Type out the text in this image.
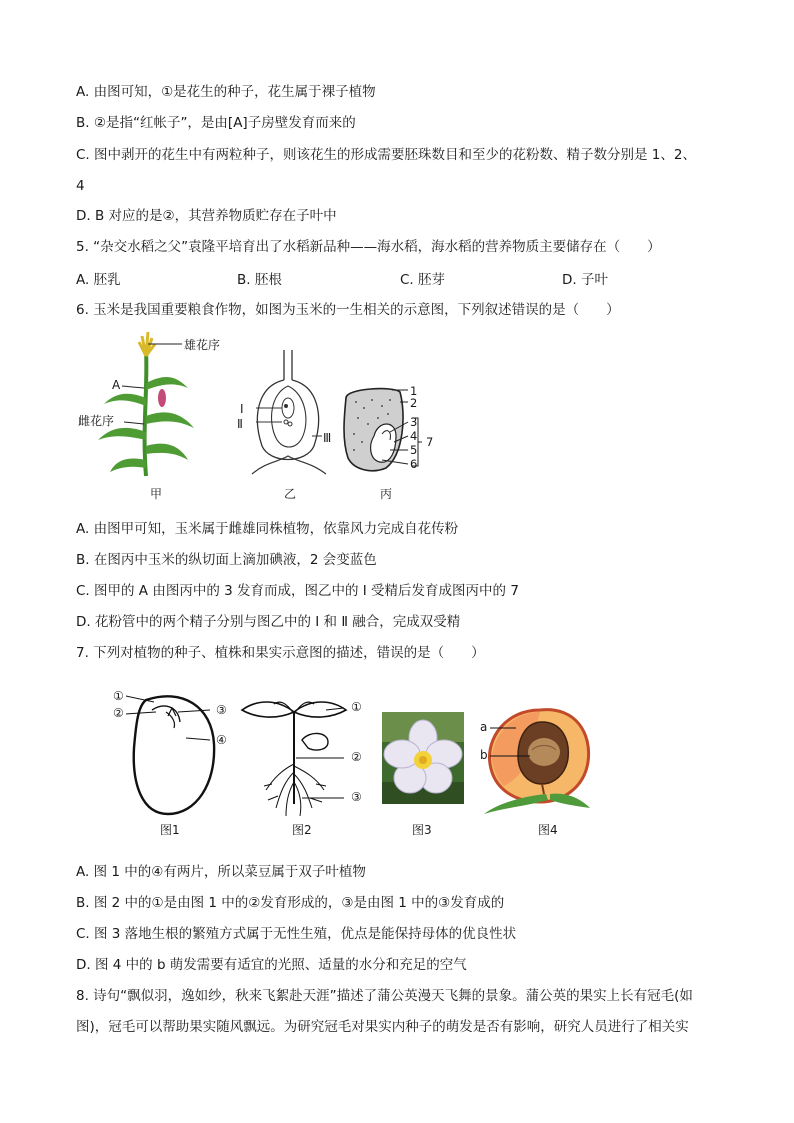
A. 由图可知，①是花生的种子，花生属于裸子植物
B. ②是指“红帐子”，是由[A]子房壁发育而来的
C. 图中剥开的花生中有两粒种子，则该花生的形成需要胚珠数目和至少的花粉数、精子数分别是 1、2、
4
D. B 对应的是②，其营养物质贮存在子叶中
5. “杂交水稻之父”袁隆平培育出了水稻新品种——海水稻，海水稻的营养物质主要储存在（　　）
A. 胚乳	B. 胚根	C. 胚芽	D. 子叶
6. 玉米是我国重要粮食作物，如图为玉米的一生相关的示意图，下列叙述错误的是（　　）
雄花序
A
雌花序
甲
Ⅰ
Ⅱ
Ⅲ
乙
1
2
3
4
5
6
7
丙
A. 由图甲可知，玉米属于雌雄同株植物，依靠风力完成自花传粉
B. 在图丙中玉米的纵切面上滴加碘液，2 会变蓝色
C. 图甲的 A 由图丙中的 3 发育而成，图乙中的 Ⅰ 受精后发育成图丙中的 7
D. 花粉管中的两个精子分别与图乙中的 Ⅰ 和 Ⅱ 融合，完成双受精
7. 下列对植物的种子、植株和果实示意图的描述，错误的是（　　）
①
②	③
④
图1
①
②
③
图2	图3
a
b
图4
A. 图 1 中的④有两片，所以菜豆属于双子叶植物
B. 图 2 中的①是由图 1 中的②发育形成的，③是由图 1 中的③发育成的
C. 图 3 落地生根的繁殖方式属于无性生殖，优点是能保持母体的优良性状
D. 图 4 中的 b 萌发需要有适宜的光照、适量的水分和充足的空气
8. 诗句“飘似羽，逸如纱，秋来飞絮赴天涯”描述了蒲公英漫天飞舞的景象。蒲公英的果实上长有冠毛(如
图)，冠毛可以帮助果实随风飘远。为研究冠毛对果实内种子的萌发是否有影响，研究人员进行了相关实
